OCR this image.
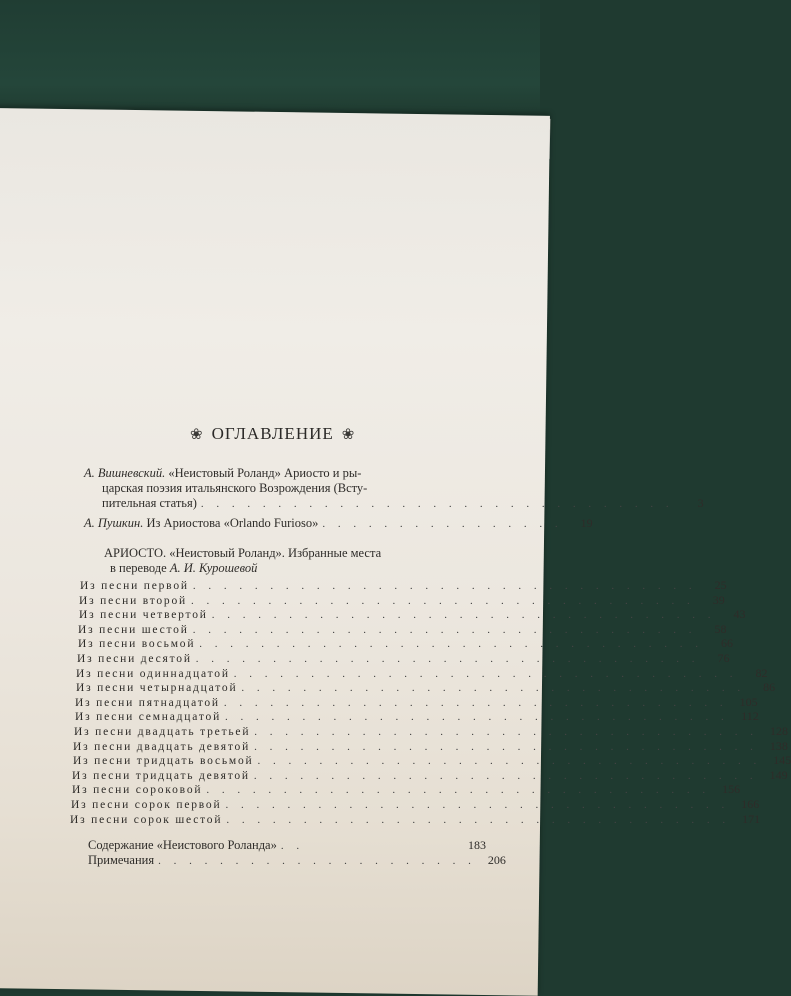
❀ ОГЛАВЛЕНИЕ ❀
А. Вишневский.
«Неистовый Роланд» Ариосто и ры-
царская поэзия итальянского Возрождения (Всту-
пительная статья) . . . . . . . . . . . . . . . . . . . . . . . . . . . . . . .	3
А. Пушкин.
Из Ариостова «Orlando Furioso» . . . . . . . . . . . . . . . .	19
АРИОСТО. «Неистовый Роланд». Избранные места
в переводе
А. И. Курошевой
Из песни первой . . . . . . . . . . . . . . . . . . . . . . . . . . . . . . . . .	25
Из песни второй . . . . . . . . . . . . . . . . . . . . . . . . . . . . . . . . .	39
Из песни четвертой . . . . . . . . . . . . . . . . . . . . . . . . . . . . . . . . .	43
Из песни шестой . . . . . . . . . . . . . . . . . . . . . . . . . . . . . . . . .	58
Из песни восьмой . . . . . . . . . . . . . . . . . . . . . . . . . . . . . . . . .	66
Из песни десятой . . . . . . . . . . . . . . . . . . . . . . . . . . . . . . . . .	76
Из песни одиннадцатой . . . . . . . . . . . . . . . . . . . . . . . . . . . . . . . . .	82
Из песни четырнадцатой . . . . . . . . . . . . . . . . . . . . . . . . . . . . . . . . .	86
Из песни пятнадцатой . . . . . . . . . . . . . . . . . . . . . . . . . . . . . . . . .	105
Из песни семнадцатой . . . . . . . . . . . . . . . . . . . . . . . . . . . . . . . . .	112
Из песни двадцать третьей . . . . . . . . . . . . . . . . . . . . . . . . . . . . . . . . .	128
Из песни двадцать девятой . . . . . . . . . . . . . . . . . . . . . . . . . . . . . . . . .	138
Из песни тридцать восьмой . . . . . . . . . . . . . . . . . . . . . . . . . . . . . . . . .	145
Из песни тридцать девятой . . . . . . . . . . . . . . . . . . . . . . . . . . . . . . . . .	149
Из песни сороковой . . . . . . . . . . . . . . . . . . . . . . . . . . . . . . . . .	156
Из песни сорок первой . . . . . . . . . . . . . . . . . . . . . . . . . . . . . . . . .	166
Из песни сорок шестой . . . . . . . . . . . . . . . . . . . . . . . . . . . . . . . . .	171
Содержание «Неистового Роланда» . .	183
Примечания . . . . . . . . . . . . . . . . . . . . .	206
